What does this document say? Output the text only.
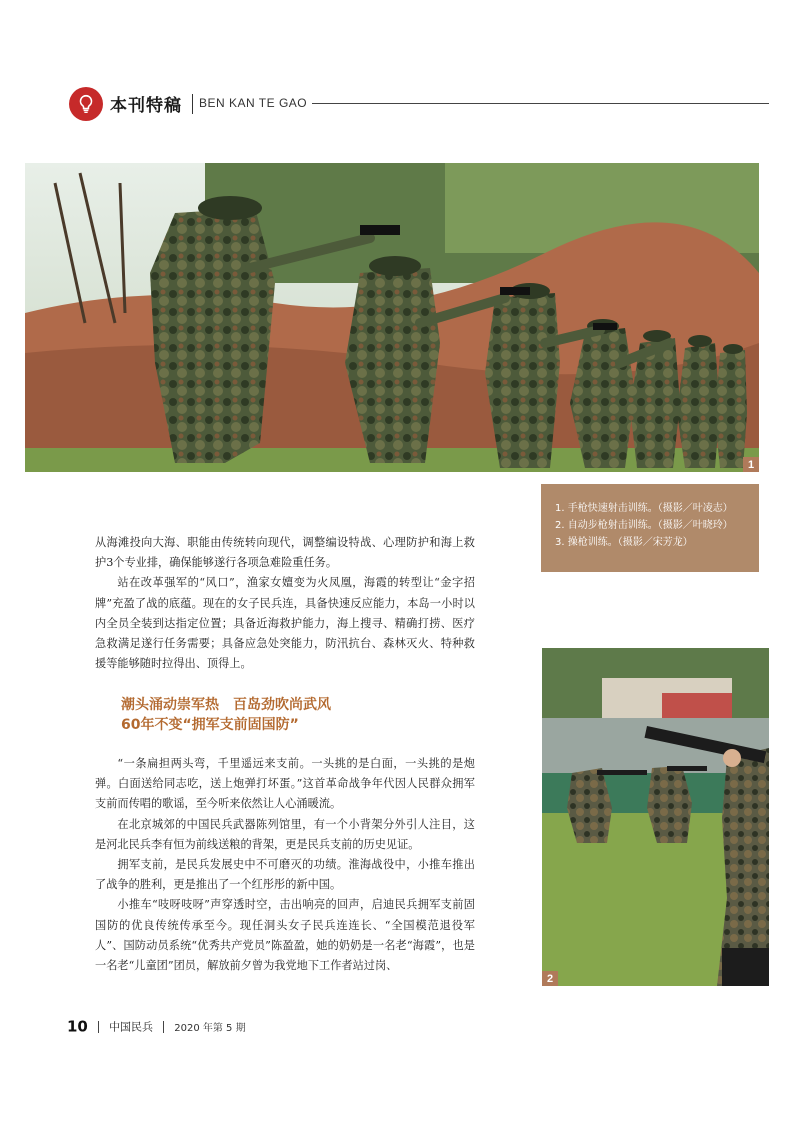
本刊特稿 BEN KAN TE GAO
1
1. 手枪快速射击训练。（摄影／叶凌志）
2. 自动步枪射击训练。（摄影／叶晓玲）
3. 操枪训练。（摄影／宋芳龙）

从海滩投向大海、职能由传统转向现代，调整编设特战、心理防护和海上救护3个专业排，确保能够遂行各项急难险重任务。

站在改革强军的“风口”，渔家女嬗变为火凤凰，海霞的转型让“金字招牌”充盈了战的底蕴。现在的女子民兵连，具备快速反应能力，本岛一小时以内全员全装到达指定位置；具备近海救护能力，海上搜寻、精确打捞、医疗急救满足遂行任务需要；具备应急处突能力，防汛抗台、森林灭火、特种救援等能够随时拉得出、顶得上。

潮头涌动崇军热　百岛劲吹尚武风
60年不变“拥军支前固国防”

“一条扁担两头弯，千里遥远来支前。一头挑的是白面，一头挑的是炮弹。白面送给同志吃，送上炮弹打坏蛋。”这首革命战争年代因人民群众拥军支前而传唱的歌谣，至今听来依然让人心涌暖流。

在北京城郊的中国民兵武器陈列馆里，有一个小背架分外引人注目，这是河北民兵李有恒为前线送粮的背架，更是民兵支前的历史见证。

拥军支前，是民兵发展史中不可磨灭的功绩。淮海战役中，小推车推出了战争的胜利，更是推出了一个红彤彤的新中国。

小推车“吱呀吱呀”声穿透时空，击出响亮的回声，启迪民兵拥军支前固国防的优良传统传承至今。现任洞头女子民兵连连长、“全国模范退役军人”、国防动员系统“优秀共产党员”陈盈盈，她的奶奶是一名老“海霞”，也是一名老“儿童团”团员，解放前夕曾为我党地下工作者站过岗、

2
10 中国民兵 2020 年第 5 期
